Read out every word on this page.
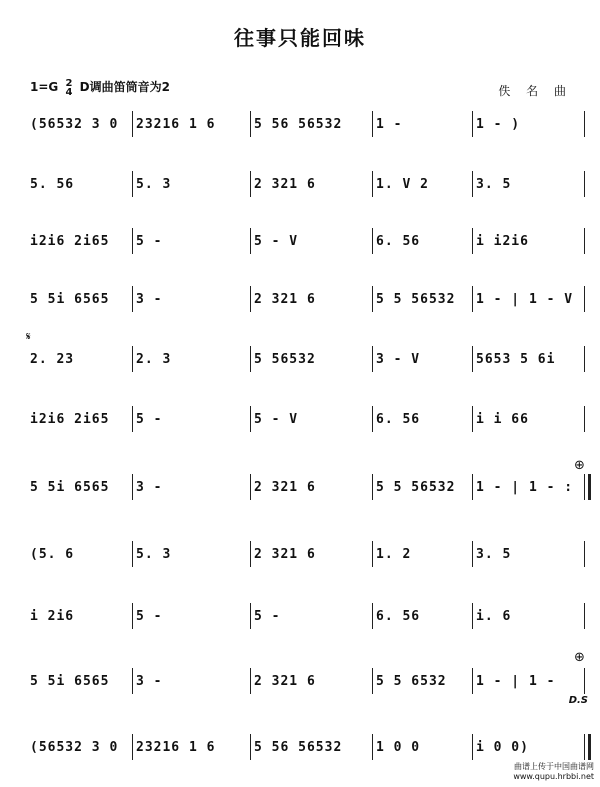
往事只能回味
1=G 2
4 D调曲笛筒音为2	佚 名 曲
(56532 3 0	23216 1 6	5 56 56532	1 -	1 - )
5. 56	5. 3	2 321 6	1. V 2	3. 5
i2i6 2i65	5 -	5 - V	6. 56	i i2i6
5 5i 6565	3 -	2 321 6	5 5 56532	1 - | 1 - V
2. 23	2. 3	5 56532	3 - V	5653 5 6i
i2i6 2i65	5 -	5 - V	6. 56	i i 66
5 5i 6565	3 -	2 321 6	5 5 56532	1 - | 1 - :
(5. 6	5. 3	2 321 6	1. 2	3. 5
i 2i6	5 -	5 -	6. 56	i. 6
5 5i 6565	3 -	2 321 6	5 5 6532	1 - | 1 -
(56532 3 0	23216 1 6	5 56 56532	1 0 0	i 0 0)
𝄋
⊕
⊕
D.S
曲谱上传于中国曲谱网
www.qupu.hrbbi.net
